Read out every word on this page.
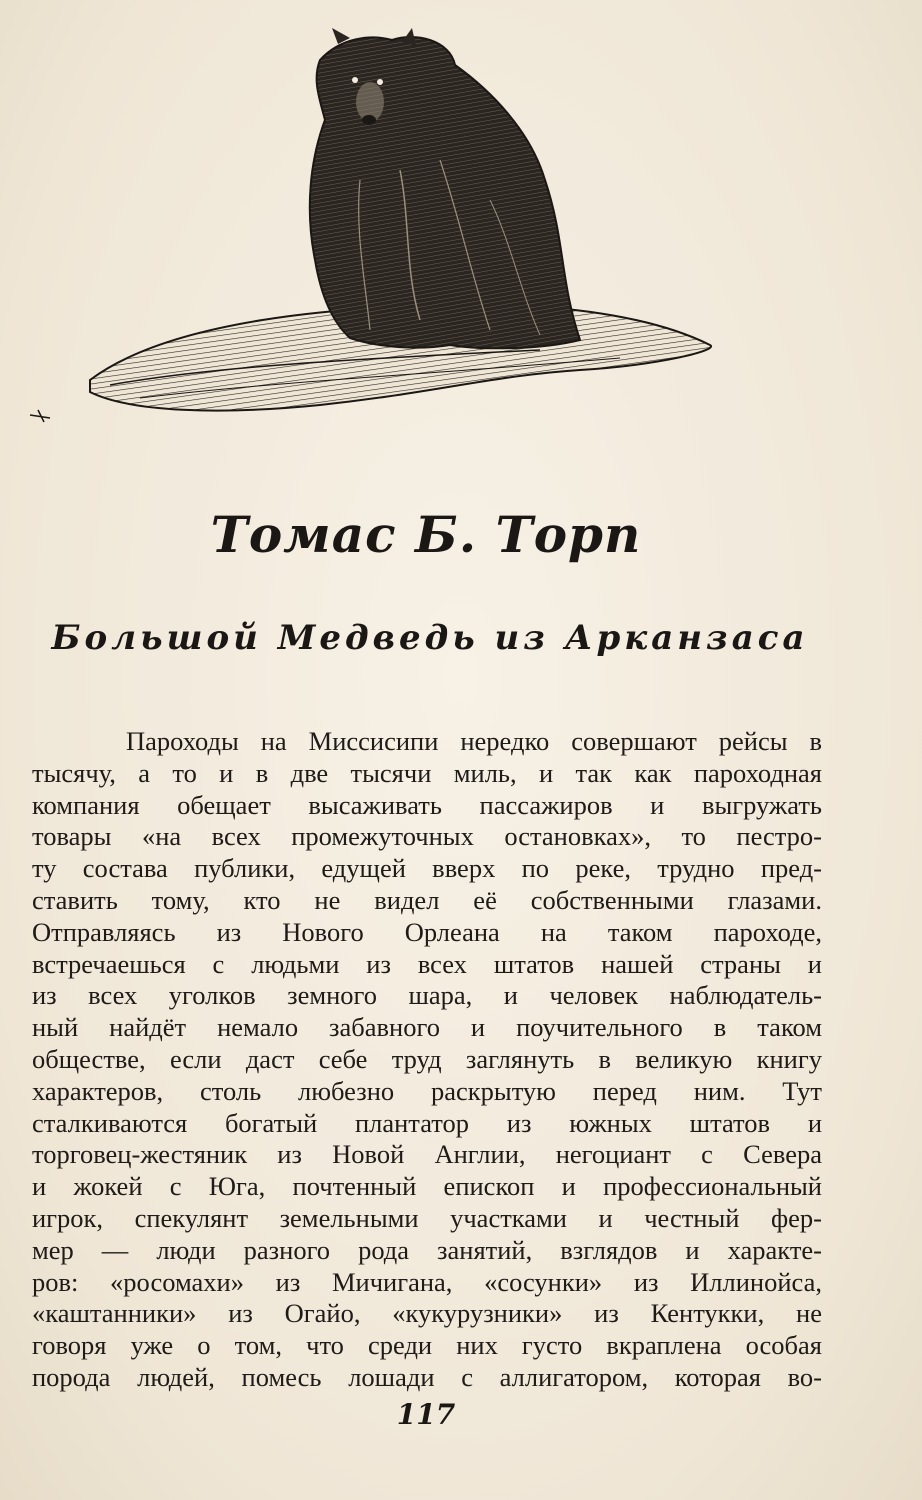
Томас Б. Торп
Большой Медведь из Арканзаса
Пароходы на Миссисипи нередко совершают рейсы в
тысячу, а то и в две тысячи миль, и так как пароходная
компания обещает высаживать пассажиров и выгружать
товары «на всех промежуточных остановках», то пестро-
ту состава публики, едущей вверх по реке, трудно пред-
ставить тому, кто не видел её собственными глазами.
Отправляясь из Нового Орлеана на таком пароходе,
встречаешься с людьми из всех штатов нашей страны и
из всех уголков земного шара, и человек наблюдатель-
ный найдёт немало забавного и поучительного в таком
обществе, если даст себе труд заглянуть в великую книгу
характеров, столь любезно раскрытую перед ним. Тут
сталкиваются богатый плантатор из южных штатов и
торговец-жестяник из Новой Англии, негоциант с Севера
и жокей с Юга, почтенный епископ и профессиональный
игрок, спекулянт земельными участками и честный фер-
мер — люди разного рода занятий, взглядов и характе-
ров: «росомахи» из Мичигана, «сосунки» из Иллинойса,
«каштанники» из Огайо, «кукурузники» из Кентукки, не
говоря уже о том, что среди них густо вкраплена особая
порода людей, помесь лошади с аллигатором, которая во-
117
